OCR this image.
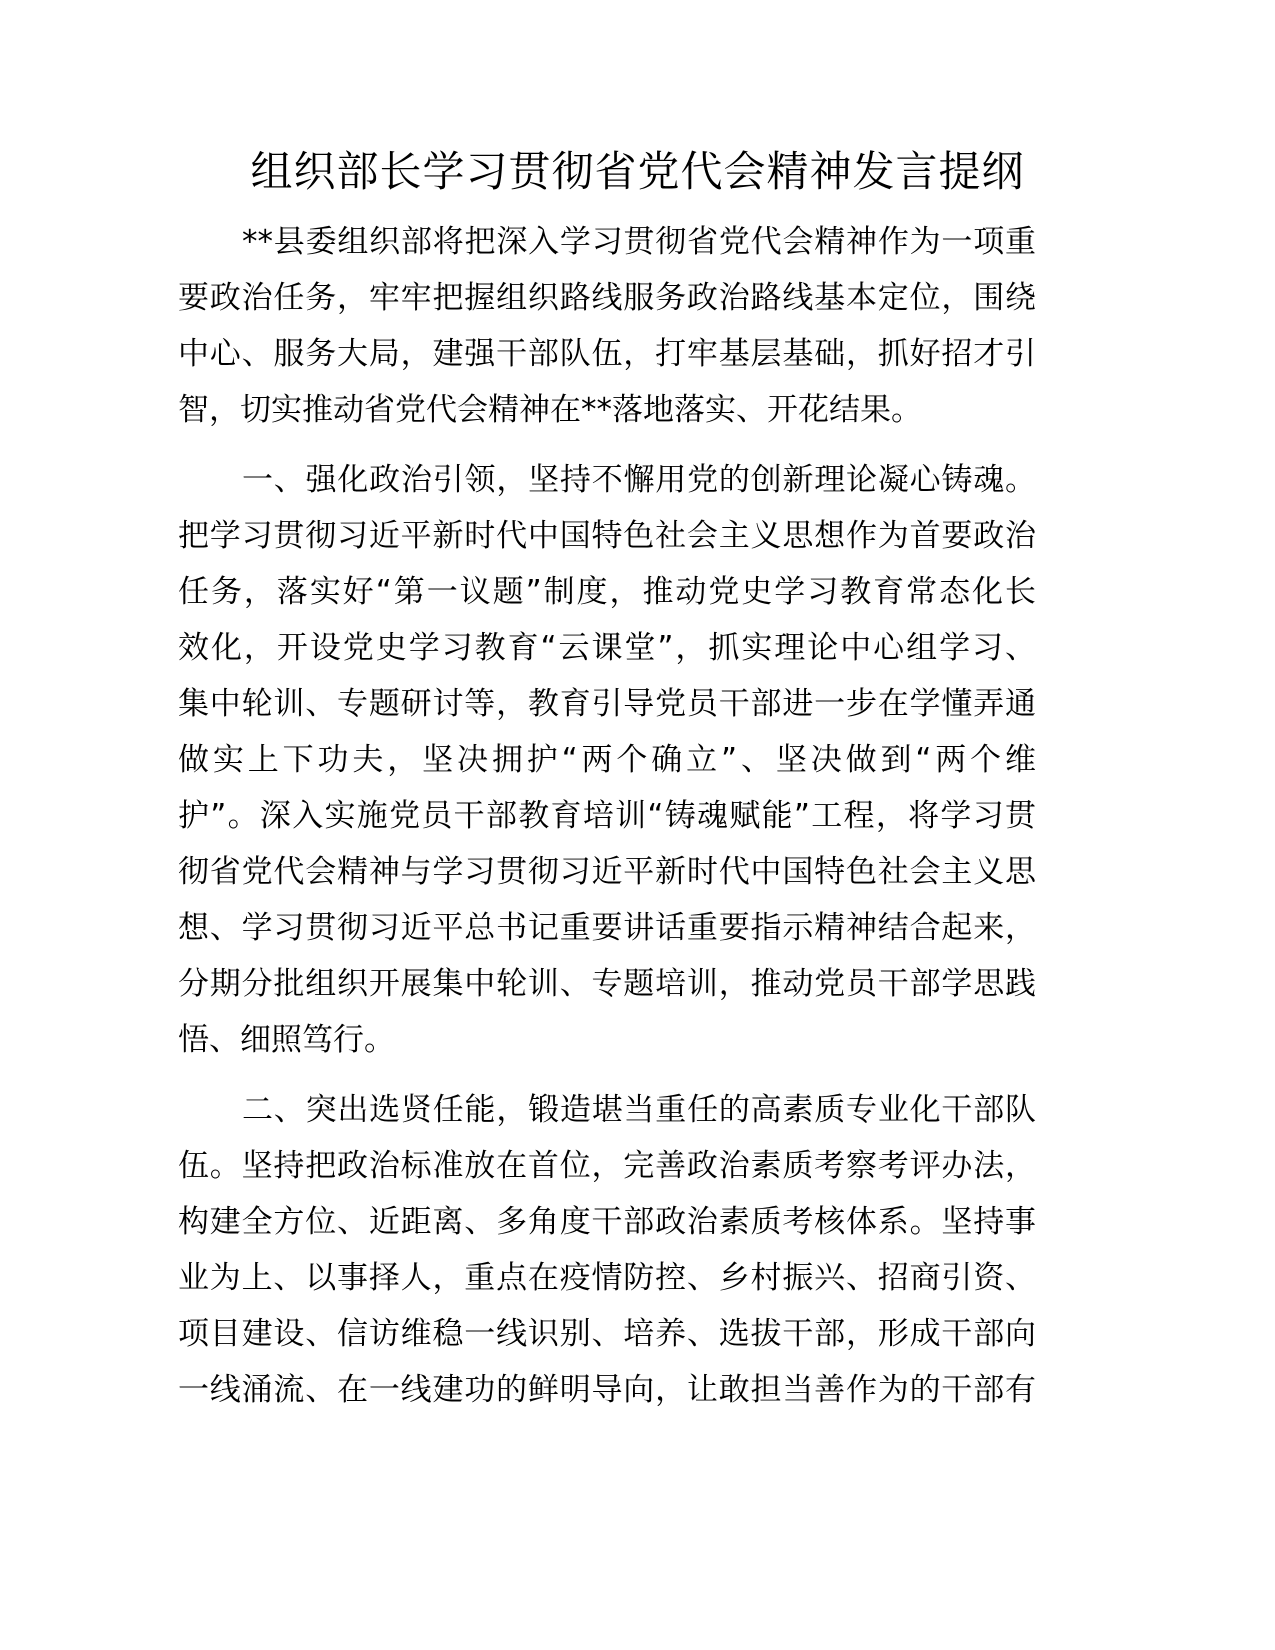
组织部长学习贯彻省党代会精神发言提纲

**县委组织部将把深入学习贯彻省党代会精神作为一项重
要政治任务，牢牢把握组织路线服务政治路线基本定位，围绕
中心、服务大局，建强干部队伍，打牢基层基础，抓好招才引
智，切实推动省党代会精神在**落地落实、开花结果。

一、强化政治引领，坚持不懈用党的创新理论凝心铸魂。
把学习贯彻习近平新时代中国特色社会主义思想作为首要政治
任务，落实好“第一议题”制度，推动党史学习教育常态化长
效化，开设党史学习教育“云课堂”，抓实理论中心组学习、
集中轮训、专题研讨等，教育引导党员干部进一步在学懂弄通
做实上下功夫，坚决拥护“两个确立”、坚决做到“两个维
护”。深入实施党员干部教育培训“铸魂赋能”工程，将学习贯
彻省党代会精神与学习贯彻习近平新时代中国特色社会主义思
想、学习贯彻习近平总书记重要讲话重要指示精神结合起来，
分期分批组织开展集中轮训、专题培训，推动党员干部学思践
悟、细照笃行。

二、突出选贤任能，锻造堪当重任的高素质专业化干部队
伍。坚持把政治标准放在首位，完善政治素质考察考评办法，
构建全方位、近距离、多角度干部政治素质考核体系。坚持事
业为上、以事择人，重点在疫情防控、乡村振兴、招商引资、
项目建设、信访维稳一线识别、培养、选拔干部，形成干部向
一线涌流、在一线建功的鲜明导向，让敢担当善作为的干部有
